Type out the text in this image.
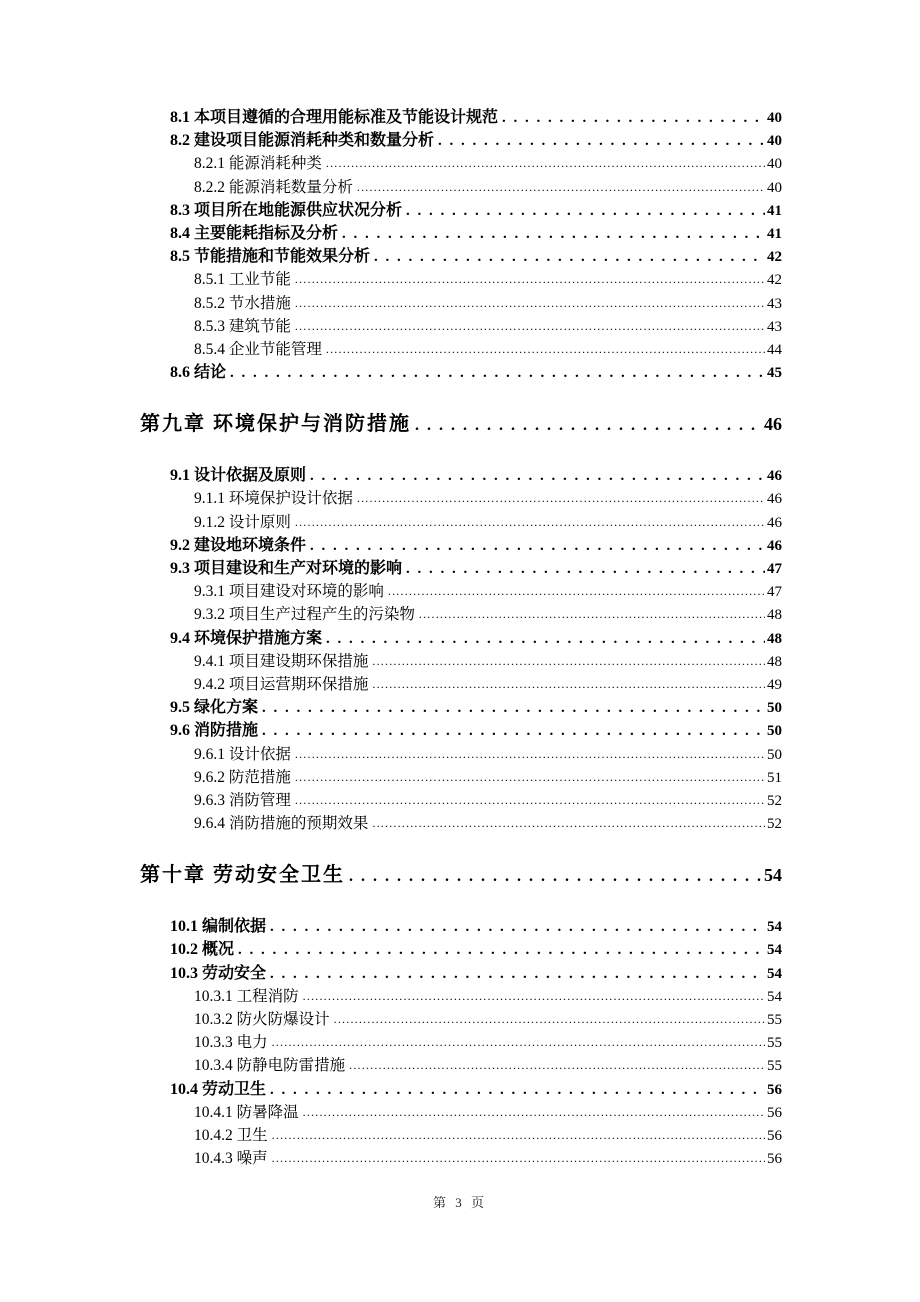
8.1 本项目遵循的合理用能标准及节能设计规范 . . .	40
8.2 建设项目能源消耗种类和数量分析 . . .	40
8.2.1 能源消耗种类 .....	40
8.2.2 能源消耗数量分析 .....	40
8.3 项目所在地能源供应状况分析 . . .	41
8.4 主要能耗指标及分析 . . .	41
8.5 节能措施和节能效果分析 . . .	42
8.5.1 工业节能 .....	42
8.5.2 节水措施 .....	43
8.5.3 建筑节能 .....	43
8.5.4 企业节能管理 .....	44
8.6 结论 . . .	45
第九章 环境保护与消防措施 . . .	46
9.1 设计依据及原则 . . .	46
9.1.1 环境保护设计依据 .....	46
9.1.2 设计原则 .....	46
9.2 建设地环境条件 . . .	46
9.3 项目建设和生产对环境的影响 . . .	47
9.3.1 项目建设对环境的影响 .....	47
9.3.2 项目生产过程产生的污染物 .....	48
9.4 环境保护措施方案 . . .	48
9.4.1 项目建设期环保措施 .....	48
9.4.2 项目运营期环保措施 .....	49
9.5 绿化方案 . . .	50
9.6 消防措施 . . .	50
9.6.1 设计依据 .....	50
9.6.2 防范措施 .....	51
9.6.3 消防管理 .....	52
9.6.4 消防措施的预期效果 .....	52
第十章 劳动安全卫生 . . .	54
10.1 编制依据 . . .	54
10.2 概况 . . .	54
10.3 劳动安全 . . .	54
10.3.1 工程消防 .....	54
10.3.2 防火防爆设计 .....	55
10.3.3 电力 .....	55
10.3.4 防静电防雷措施 .....	55
10.4 劳动卫生 . . .	56
10.4.1 防暑降温 .....	56
10.4.2 卫生 .....	56
10.4.3 噪声 .....	56
第 3 页
